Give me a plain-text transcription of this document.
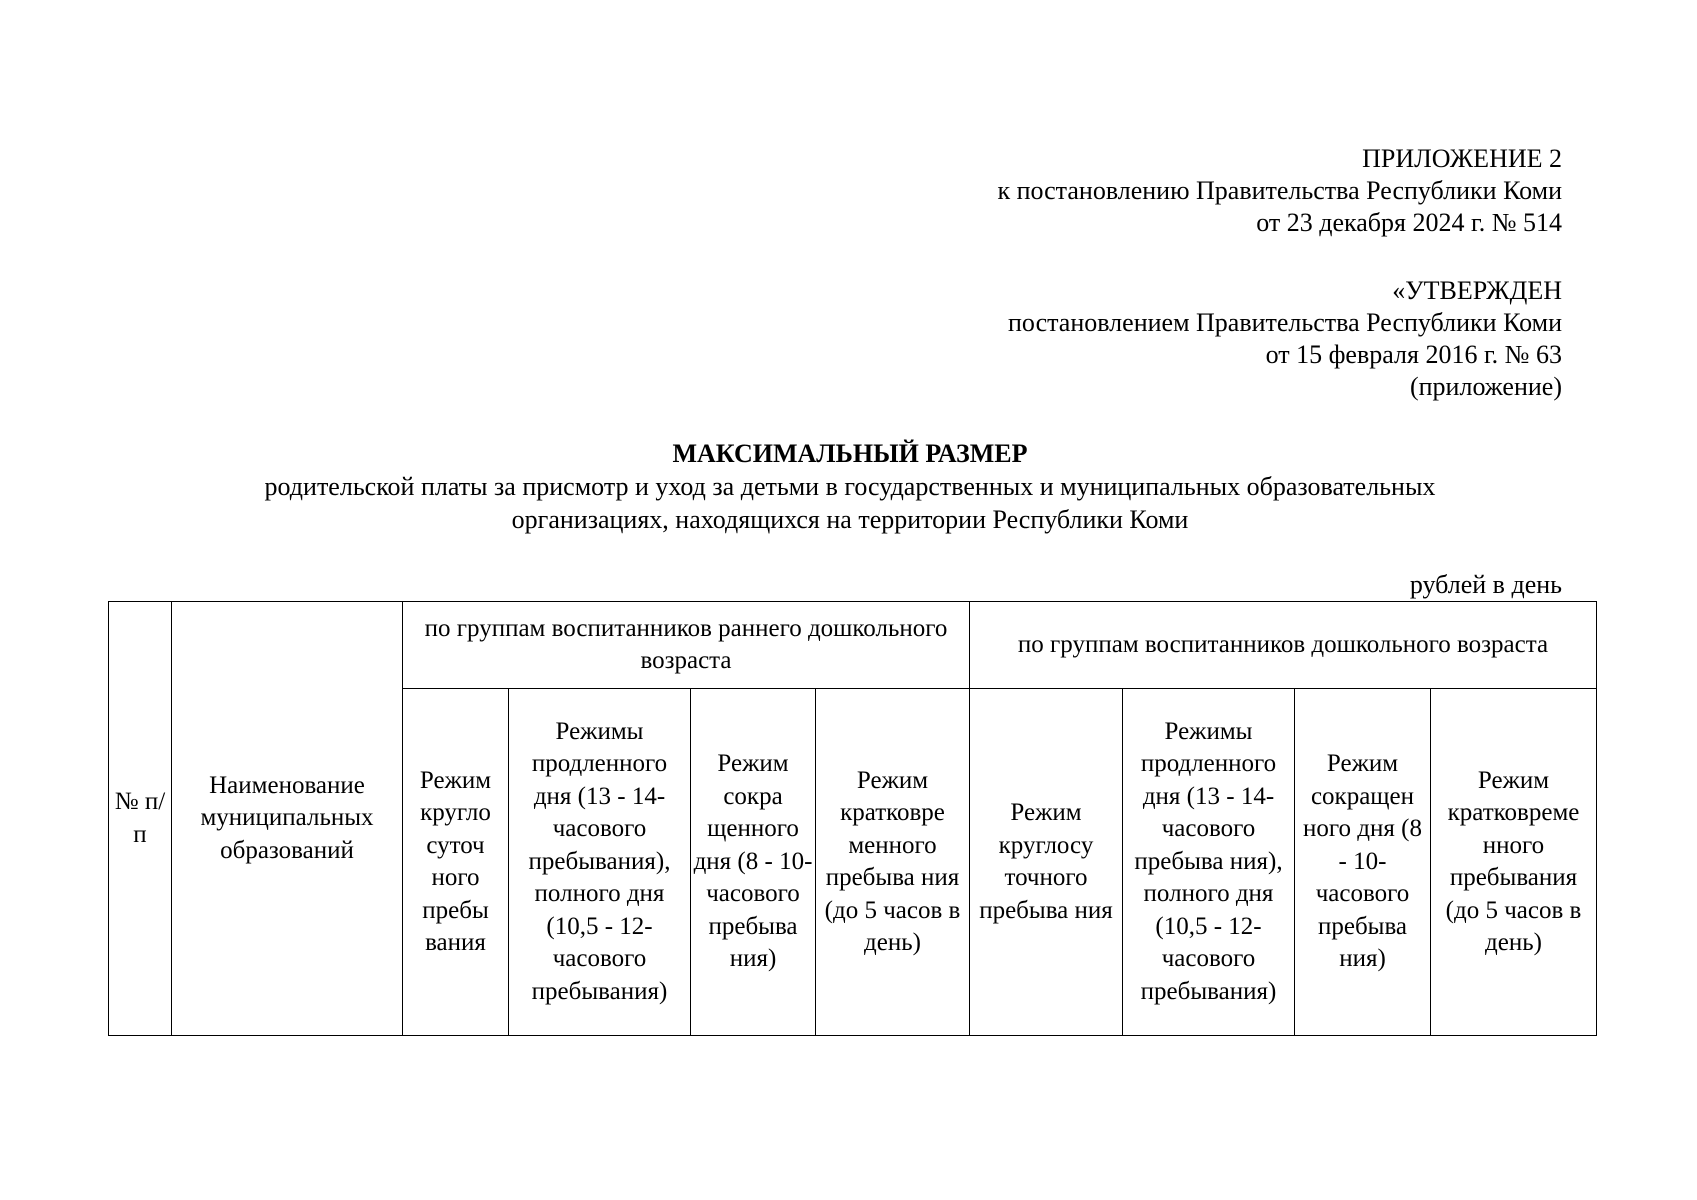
ПРИЛОЖЕНИЕ 2
к постановлению Правительства Республики Коми
от 23 декабря 2024 г. № 514
«УТВЕРЖДЕН
постановлением Правительства Республики Коми
от 15 февраля 2016 г. № 63
(приложение)
МАКСИМАЛЬНЫЙ РАЗМЕР
родительской платы за присмотр и уход за детьми в государственных и муниципальных образовательных
организациях, находящихся на территории Республики Коми
рублей в день
№ п/п	Наименование муниципальных образований	по группам воспитанников раннего дошкольного возраста				по группам воспитанников дошкольного возраста			
		Режим кругло суточ ного пребы вания	Режимы продленного дня (13 - 14-часового пребывания), полного дня (10,5 - 12-часового пребывания)	Режим сокра щенного дня (8 - 10-часового пребыва ния)	Режим кратковре менного пребыва ния (до 5 часов в день)	Режим круглосу точного пребыва ния	Режимы продленного дня (13 - 14-часового пребыва ния), полного дня (10,5 - 12-часового пребывания)	Режим сокращен ного дня (8 - 10-часового пребыва ния)	Режим кратковреме нного пребывания (до 5 часов в день)
